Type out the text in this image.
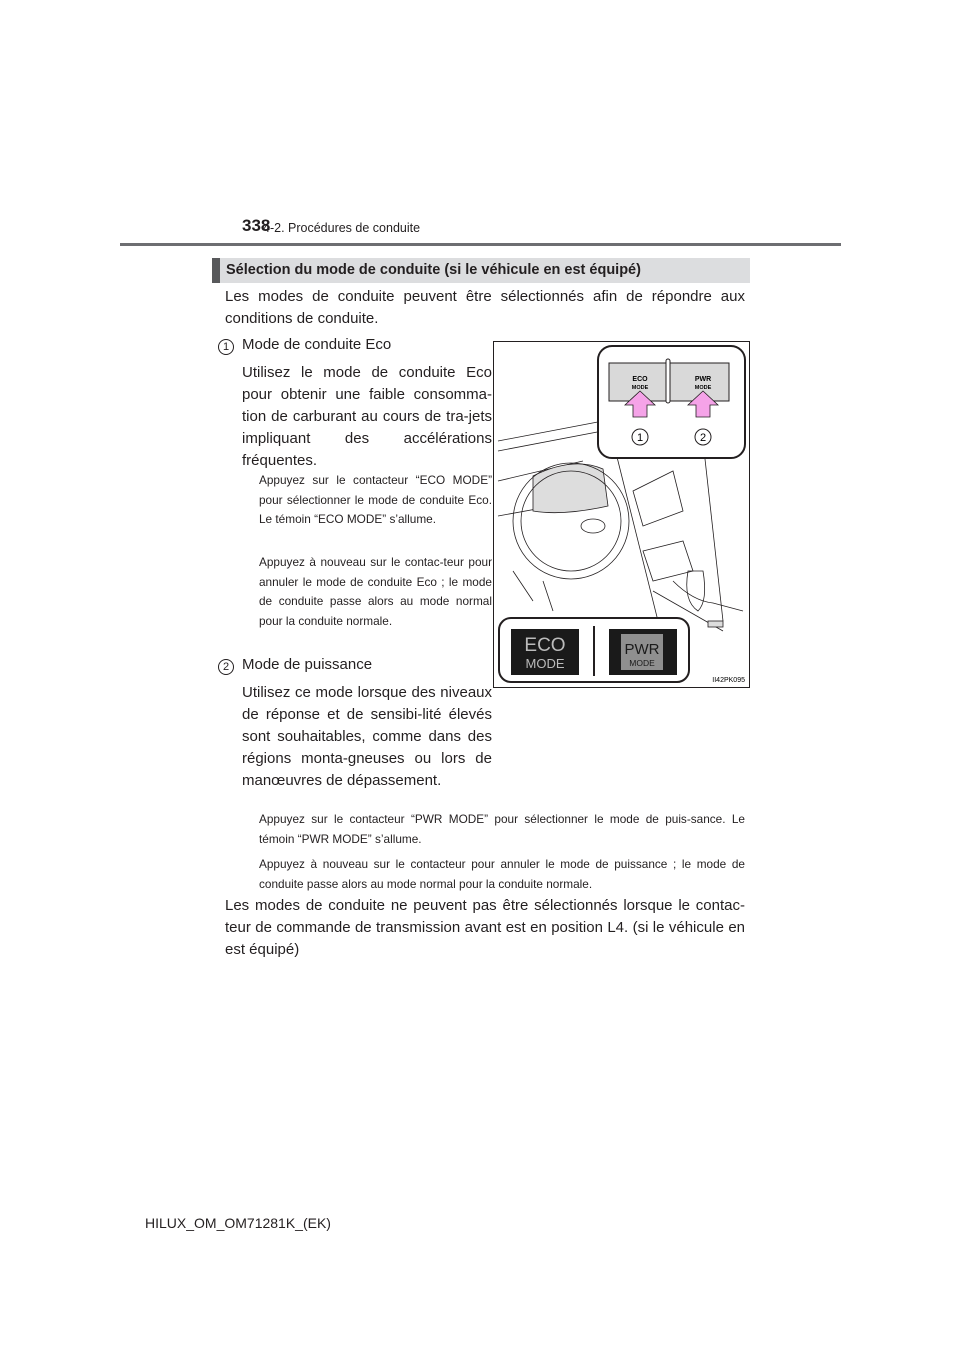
338
4-2. Procédures de conduite
Sélection du mode de conduite (si le véhicule en est équipé)
Les modes de conduite peuvent être sélectionnés afin de répondre aux conditions de conduite.
1 Mode de conduite Eco
Utilisez le mode de conduite Eco pour obtenir une faible consomma-tion de carburant au cours de tra-jets impliquant des accélérations fréquentes.
Appuyez sur le contacteur “ECO MODE” pour sélectionner le mode de conduite Eco. Le témoin “ECO MODE” s’allume.
Appuyez à nouveau sur le contac-teur pour annuler le mode de conduite Eco ; le mode de conduite passe alors au mode normal pour la conduite normale.
2 Mode de puissance
Utilisez ce mode lorsque des niveaux de réponse et de sensibi-lité élevés sont souhaitables, comme dans des régions monta-gneuses ou lors de manœuvres de dépassement.
Appuyez sur le contacteur “PWR MODE” pour sélectionner le mode de puis-sance. Le témoin “PWR MODE” s’allume.
Appuyez à nouveau sur le contacteur pour annuler le mode de puissance ; le mode de conduite passe alors au mode normal pour la conduite normale.
Les modes de conduite ne peuvent pas être sélectionnés lorsque le contac-teur de commande de transmission avant est en position L4. (si le véhicule en est équipé)
ECO
MODE
PWR
MODE
1	2
ECO
MODE
PWR
MODE
II42PK095
HILUX_OM_OM71281K_(EK)
